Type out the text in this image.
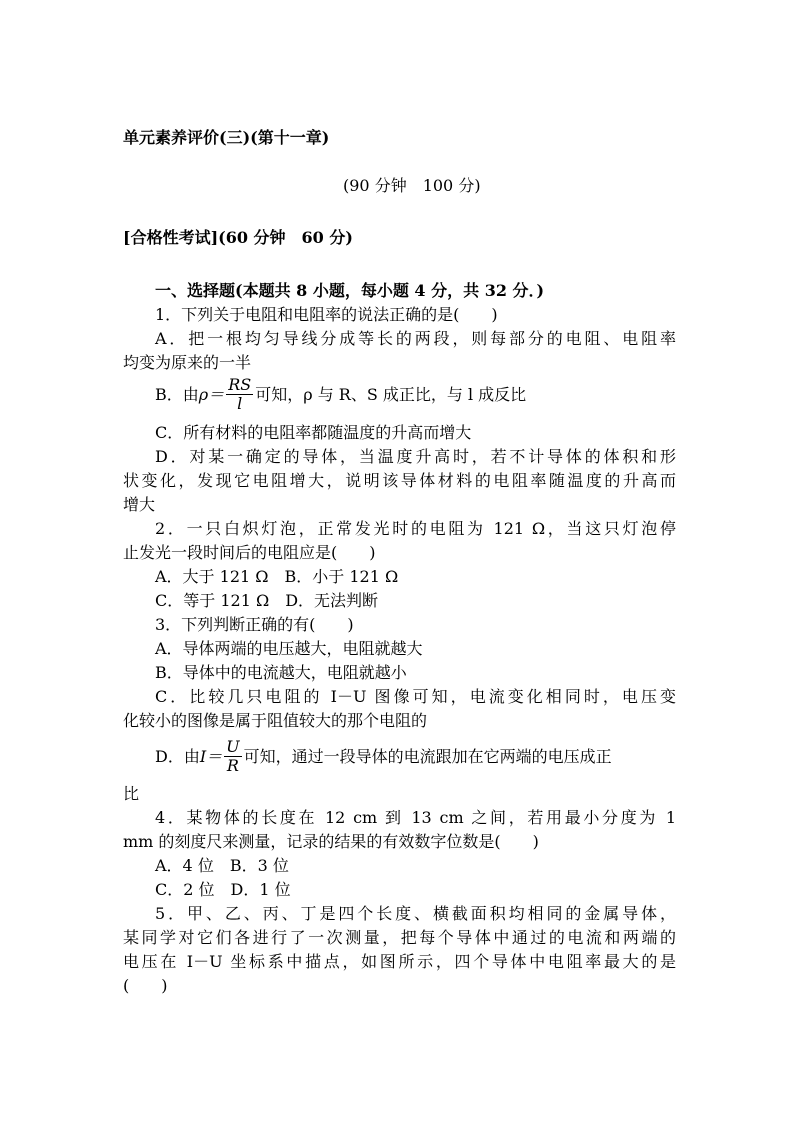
单元素养评价(三)(第十一章)
(90 分钟　100 分)
[合格性考试](60 分钟　60 分)
一、选择题(本题共 8 小题，每小题 4 分，共 32 分．)
1．下列关于电阻和电阻率的说法正确的是(　　)
A．把一根均匀导线分成等长的两段，则每部分的电阻、电阻率
均变为原来的一半
B．由 $\rho= \frac{RS}{l}$ 可知，ρ 与 R、S 成正比，与 l 成反比
C．所有材料的电阻率都随温度的升高而增大
D．对某一确定的导体，当温度升高时，若不计导体的体积和形
状变化，发现它电阻增大，说明该导体材料的电阻率随温度的升高而
增大
2．一只白炽灯泡，正常发光时的电阻为 121 Ω，当这只灯泡停
止发光一段时间后的电阻应是(　　)
A．大于 121 Ω　B．小于 121 Ω
C．等于 121 Ω　D．无法判断
3．下列判断正确的有(　　)
A．导体两端的电压越大，电阻就越大
B．导体中的电流越大，电阻就越小
C．比较几只电阻的 I－U 图像可知，电流变化相同时，电压变
化较小的图像是属于阻值较大的那个电阻的
D．由 $I= \frac{U}{R}$ 可知，通过一段导体的电流跟加在它两端的电压成正
比
4．某物体的长度在 12 cm 到 13 cm 之间，若用最小分度为 1
mm 的刻度尺来测量，记录的结果的有效数字位数是(　　)
A．4 位　B．3 位
C．2 位　D．1 位
5．甲、乙、丙、丁是四个长度、横截面积均相同的金属导体，
某同学对它们各进行了一次测量，把每个导体中通过的电流和两端的
电压在 I－U 坐标系中描点，如图所示，四个导体中电阻率最大的是
(　　)
